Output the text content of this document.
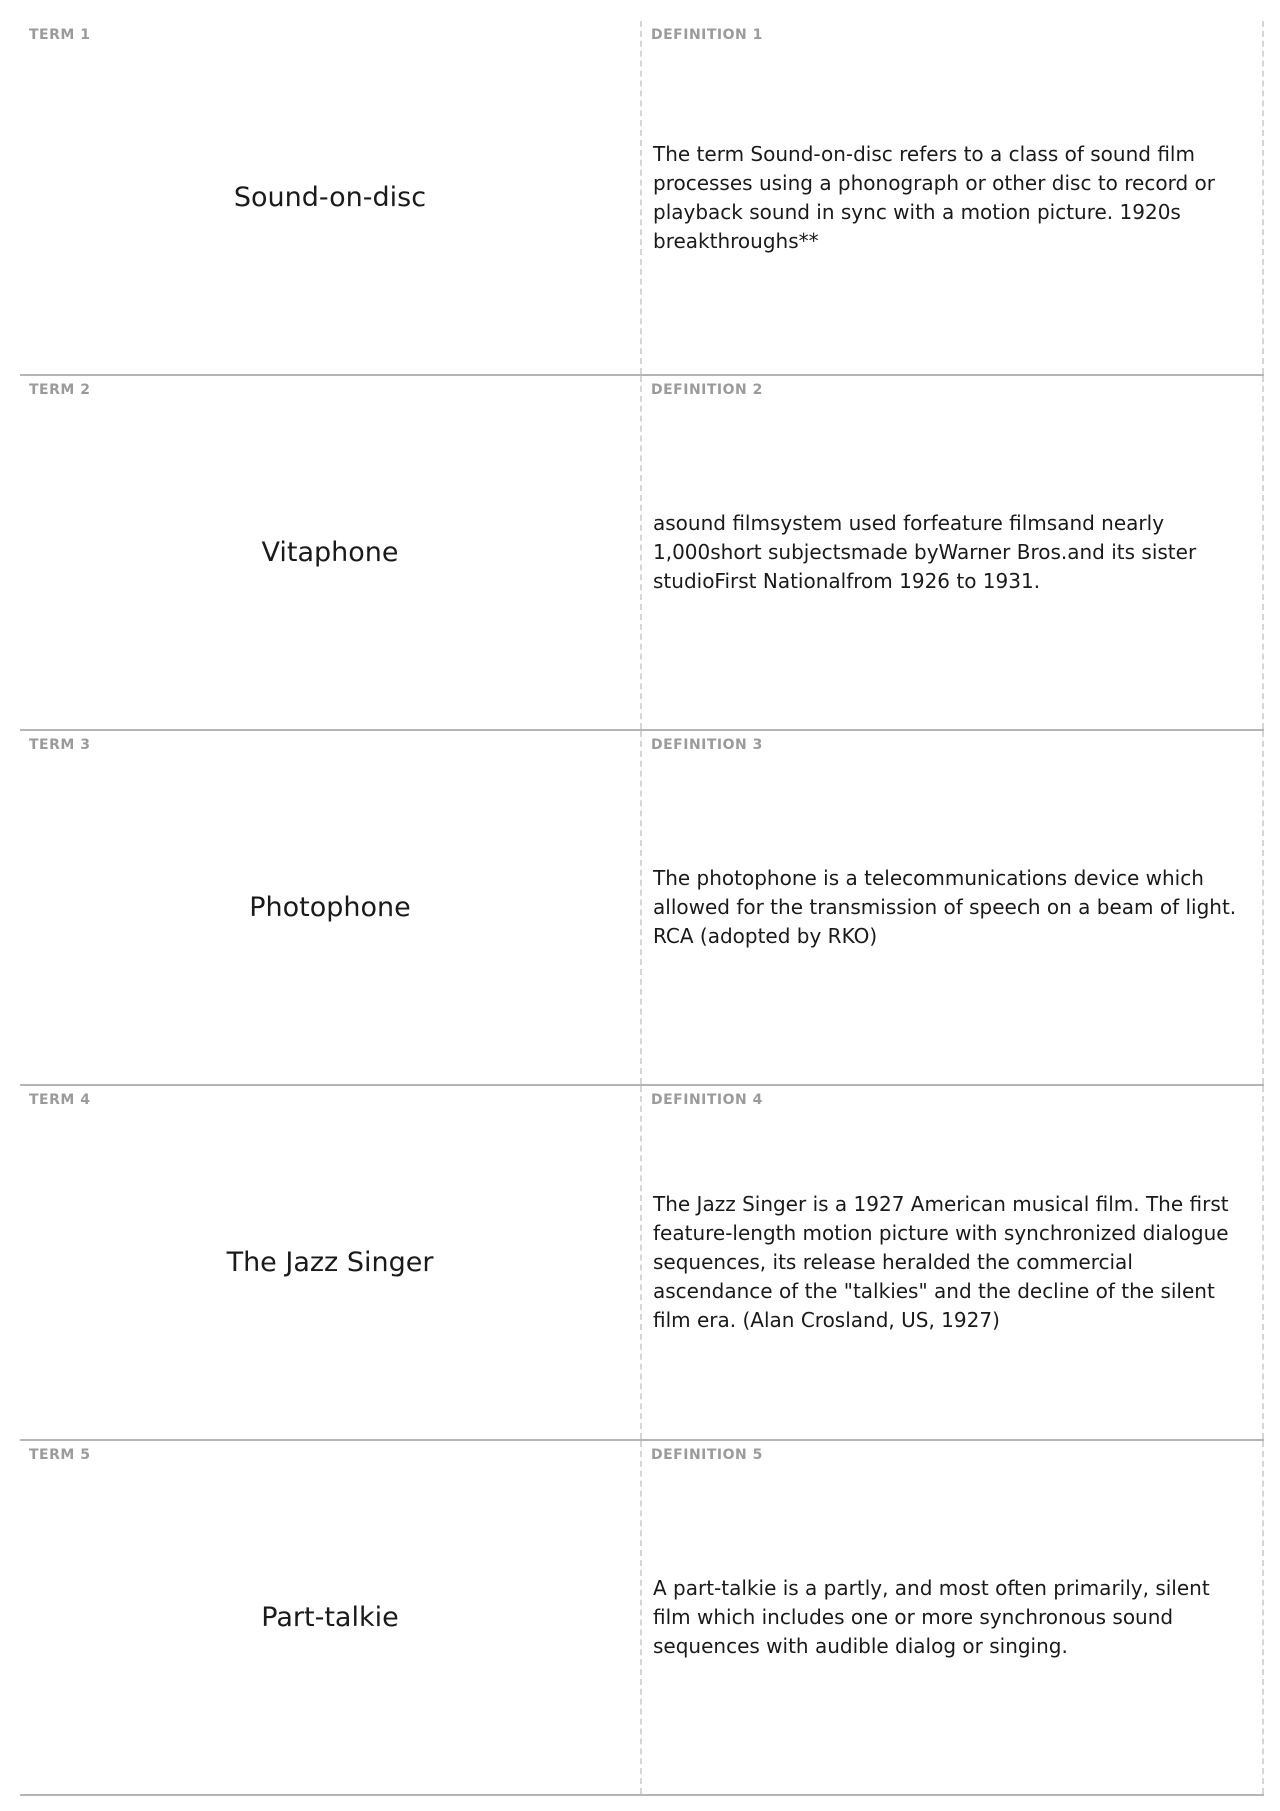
TERM 1
Sound-on-disc
DEFINITION 1
The term Sound-on-disc refers to a class of sound film processes using a phonograph or other disc to record or playback sound in sync with a motion picture. 1920s breakthroughs**
TERM 2
Vitaphone
DEFINITION 2
asound filmsystem used forfeature filmsand nearly 1,000short subjectsmade byWarner Bros.and its sister studioFirst Nationalfrom 1926 to 1931.
TERM 3
Photophone
DEFINITION 3
The photophone is a telecommunications device which allowed for the transmission of speech on a beam of light. RCA (adopted by RKO)
TERM 4
The Jazz Singer
DEFINITION 4
The Jazz Singer is a 1927 American musical film. The first feature-length motion picture with synchronized dialogue sequences, its release heralded the commercial ascendance of the "talkies" and the decline of the silent film era. (Alan Crosland, US, 1927)
TERM 5
Part-talkie
DEFINITION 5
A part-talkie is a partly, and most often primarily, silent film which includes one or more synchronous sound sequences with audible dialog or singing.
